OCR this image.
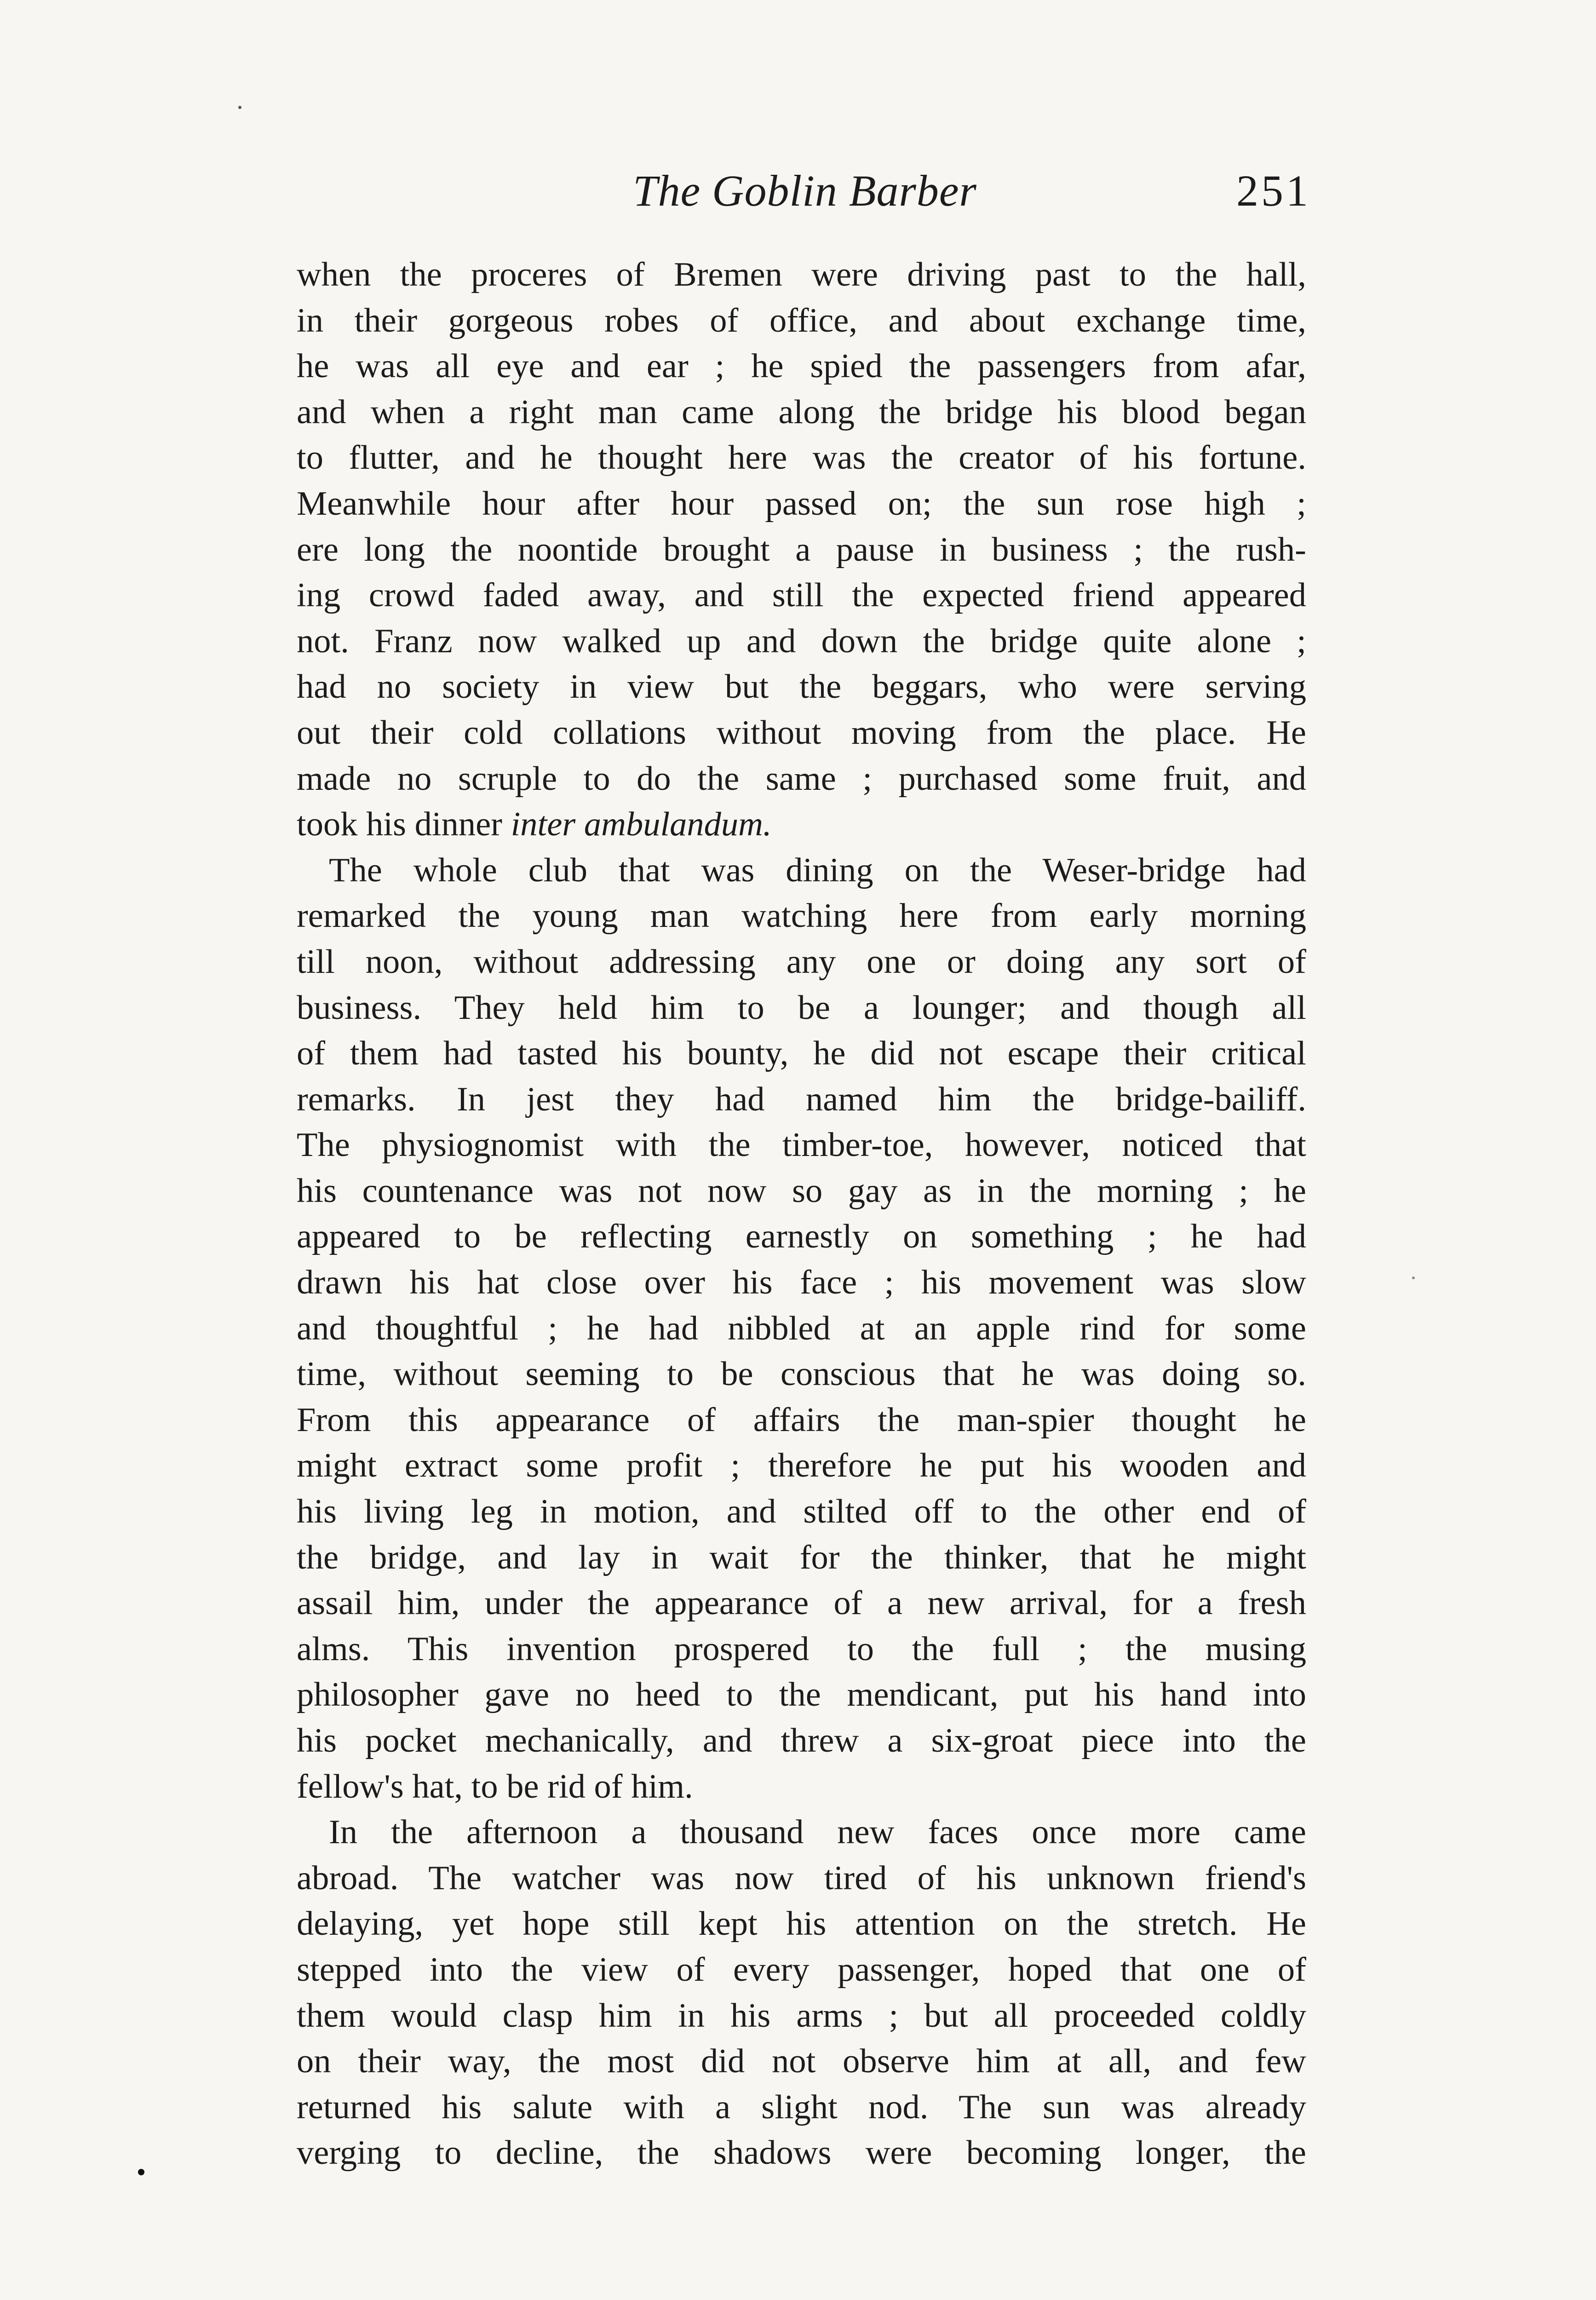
The Goblin Barber	251
when the proceres of Bremen were driving past to the hall,
in their gorgeous robes of office, and about exchange time,
he was all eye and ear ; he spied the passengers from afar,
and when a right man came along the bridge his blood began
to flutter, and he thought here was the creator of his fortune.
Meanwhile hour after hour passed on; the sun rose high ;
ere long the noontide brought a pause in business ; the rush-
ing crowd faded away, and still the expected friend appeared
not. Franz now walked up and down the bridge quite alone ;
had no society in view but the beggars, who were serving
out their cold collations without moving from the place. He
made no scruple to do the same ; purchased some fruit, and
took his dinner inter ambulandum.
The whole club that was dining on the Weser-bridge had
remarked the young man watching here from early morning
till noon, without addressing any one or doing any sort of
business. They held him to be a lounger; and though all
of them had tasted his bounty, he did not escape their critical
remarks. In jest they had named him the bridge-bailiff.
The physiognomist with the timber-toe, however, noticed that
his countenance was not now so gay as in the morning ; he
appeared to be reflecting earnestly on something ; he had
drawn his hat close over his face ; his movement was slow
and thoughtful ; he had nibbled at an apple rind for some
time, without seeming to be conscious that he was doing so.
From this appearance of affairs the man-spier thought he
might extract some profit ; therefore he put his wooden and
his living leg in motion, and stilted off to the other end of
the bridge, and lay in wait for the thinker, that he might
assail him, under the appearance of a new arrival, for a fresh
alms. This invention prospered to the full ; the musing
philosopher gave no heed to the mendicant, put his hand into
his pocket mechanically, and threw a six-groat piece into the
fellow's hat, to be rid of him.
In the afternoon a thousand new faces once more came
abroad. The watcher was now tired of his unknown friend's
delaying, yet hope still kept his attention on the stretch. He
stepped into the view of every passenger, hoped that one of
them would clasp him in his arms ; but all proceeded coldly
on their way, the most did not observe him at all, and few
returned his salute with a slight nod. The sun was already
verging to decline, the shadows were becoming longer, the
